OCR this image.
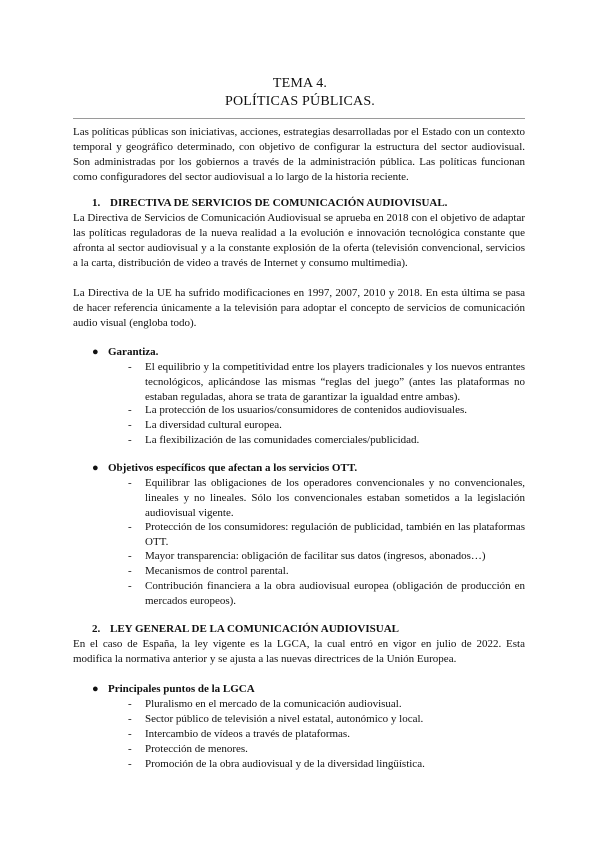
TEMA 4.
POLÍTICAS PÚBLICAS.
Las políticas públicas son iniciativas, acciones, estrategias desarrolladas por el Estado con un contexto temporal y geográfico determinado, con objetivo de configurar la estructura del sector audiovisual. Son administradas por los gobiernos a través de la administración pública. Las políticas funcionan como configuradores del sector audiovisual a lo largo de la historia reciente.
1. DIRECTIVA DE SERVICIOS DE COMUNICACIÓN AUDIOVISUAL.
La Directiva de Servicios de Comunicación Audiovisual se aprueba en 2018 con el objetivo de adaptar las políticas reguladoras de la nueva realidad a la evolución e innovación tecnológica constante que afronta al sector audiovisual y a la constante explosión de la oferta (televisión convencional, servicios a la carta, distribución de video a través de Internet y consumo multimedia).
La Directiva de la UE ha sufrido modificaciones en 1997, 2007, 2010 y 2018. En esta última se pasa de hacer referencia únicamente a la televisión para adoptar el concepto de servicios de comunicación audio visual (engloba todo).
● Garantiza.
- El equilibrio y la competitividad entre los players tradicionales y los nuevos entrantes tecnológicos, aplicándose las mismas “reglas del juego” (antes las plataformas no estaban reguladas, ahora se trata de garantizar la igualdad entre ambas).
- La protección de los usuarios/consumidores de contenidos audiovisuales.
- La diversidad cultural europea.
- La flexibilización de las comunidades comerciales/publicidad.
● Objetivos específicos que afectan a los servicios OTT.
- Equilibrar las obligaciones de los operadores convencionales y no convencionales, lineales y no lineales. Sólo los convencionales estaban sometidos a la legislación audiovisual vigente.
- Protección de los consumidores: regulación de publicidad, también en las plataformas OTT.
- Mayor transparencia: obligación de facilitar sus datos (ingresos, abonados…)
- Mecanismos de control parental.
- Contribución financiera a la obra audiovisual europea (obligación de producción en mercados europeos).
2. LEY GENERAL DE LA COMUNICACIÓN AUDIOVISUAL
En el caso de España, la ley vigente es la LGCA, la cual entró en vigor en julio de 2022. Esta modifica la normativa anterior y se ajusta a las nuevas directrices de la Unión Europea.
● Principales puntos de la LGCA
- Pluralismo en el mercado de la comunicación audiovisual.
- Sector público de televisión a nivel estatal, autonómico y local.
- Intercambio de vídeos a través de plataformas.
- Protección de menores.
- Promoción de la obra audiovisual y de la diversidad lingüística.
